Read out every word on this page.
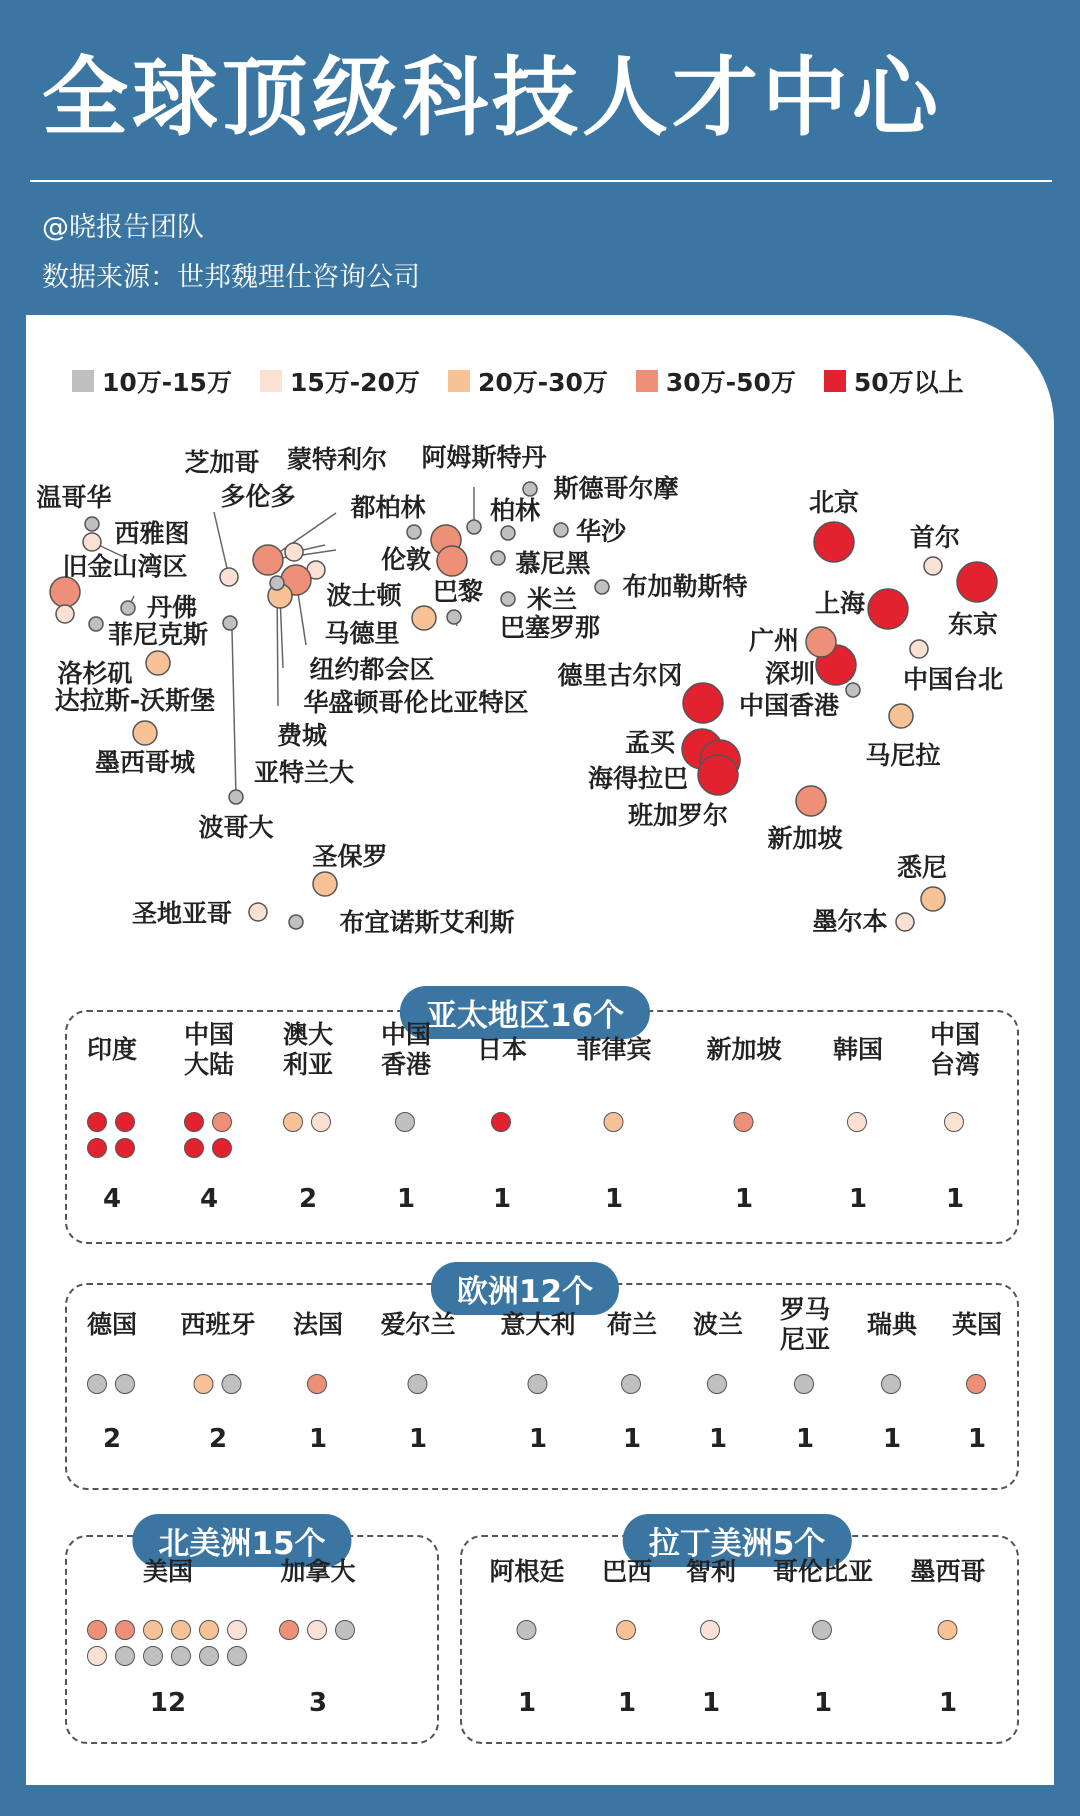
全球顶级科技人才中心
@晓报告团队
数据来源：世邦魏理仕咨询公司
10万-15万 15万-20万 20万-30万 30万-50万 50万以上
温哥华
西雅图
旧金山湾区
洛杉矶
丹佛
菲尼克斯
达拉斯-沃斯堡
墨西哥城
芝加哥
多伦多
蒙特利尔
波士顿
纽约都会区
华盛顿哥伦比亚特区
费城
亚特兰大
波哥大
圣保罗
圣地亚哥	布宜诺斯艾利斯
都柏林
伦敦
巴黎
马德里	巴塞罗那
阿姆斯特丹
斯德哥尔摩
柏林
华沙
慕尼黑
米兰 布加勒斯特
德里古尔冈
孟买
海得拉巴
班加罗尔
北京
上海
深圳
广州
中国香港
东京
首尔
中国台北
马尼拉
新加坡
悉尼
墨尔本
亚太地区16个
印度
4
中国
大陆
4
澳大
利亚
2
中国
香港
1
日本
1
菲律宾
1
新加坡
1
韩国
1
中国
台湾
1
欧洲12个
德国
2
西班牙
2
法国
1
爱尔兰
1
意大利
1
荷兰
1
波兰
1
罗马
尼亚
1
瑞典
1
英国
1
北美洲15个
美国
12
加拿大
3
拉丁美洲5个
阿根廷
1
巴西
1
智利
1
哥伦比亚
1
墨西哥
1
